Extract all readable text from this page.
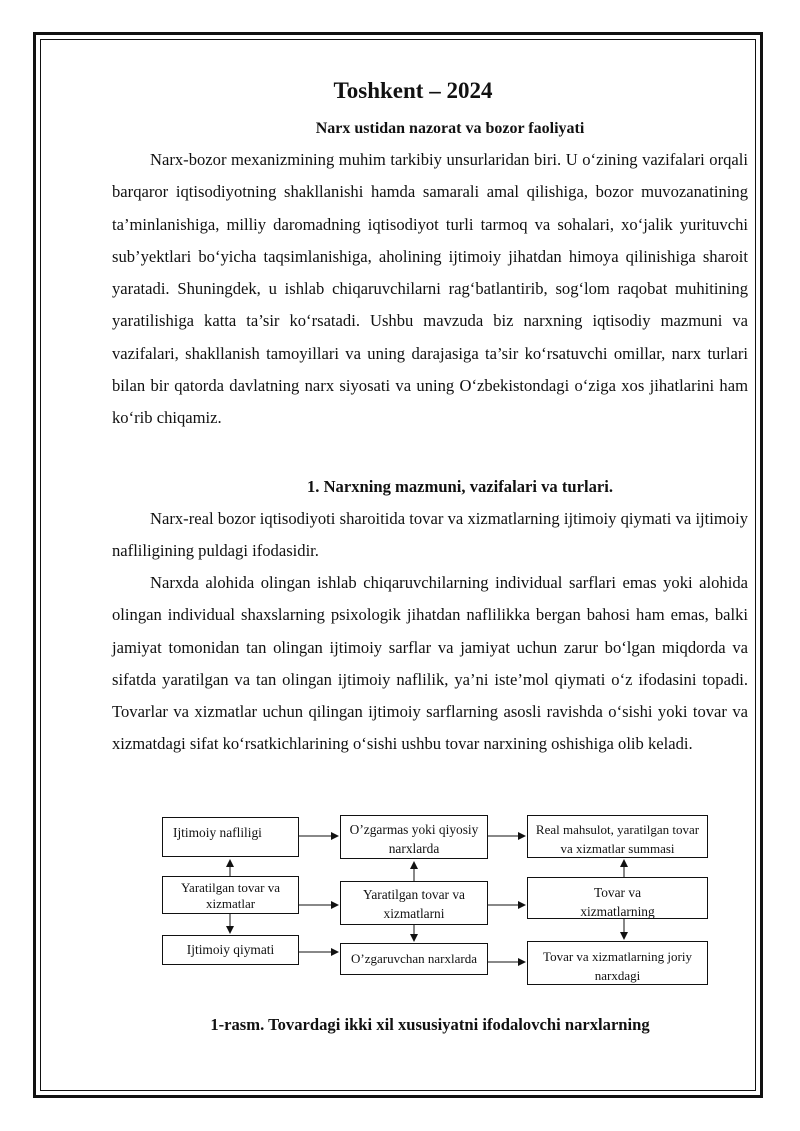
Toshkent – 2024
Narx ustidan nazorat va bozor faoliyati

Narx-bozor mexanizmining muhim tarkibiy unsurlaridan biri. U o‘zining vazifalari orqali barqaror iqtisodiyotning shakllanishi hamda samarali amal qilishiga, bozor muvozanatining ta’minlanishiga, milliy daromadning iqtisodiyot turli tarmoq va sohalari, xo‘jalik yurituvchi sub’yektlari bo‘yicha taqsimlanishiga, aholining ijtimoiy jihatdan himoya qilinishiga sharoit yaratadi. Shuningdek, u ishlab chiqaruvchilarni rag‘batlantirib, sog‘lom raqobat muhitining yaratilishiga katta ta’sir ko‘rsatadi. Ushbu mavzuda biz narxning iqtisodiy mazmuni va vazifalari, shakllanish tamoyillari va uning darajasiga ta’sir ko‘rsatuvchi omillar, narx turlari bilan bir qatorda davlatning narx siyosati va uning O‘zbekistondagi o‘ziga xos jihatlarini ham ko‘rib chiqamiz.

1. Narxning mazmuni, vazifalari va turlari.

Narx-real bozor iqtisodiyoti sharoitida tovar va xizmatlarning ijtimoiy qiymati va ijtimoiy nafliligining puldagi ifodasidir.

Narxda alohida olingan ishlab chiqaruvchilarning individual sarflari emas yoki alohida olingan individual shaxslarning psixologik jihatdan naflilikka bergan bahosi ham emas, balki jamiyat tomonidan tan olingan ijtimoiy sarflar va jamiyat uchun zarur bo‘lgan miqdorda va sifatda yaratilgan va tan olingan ijtimoiy naflilik, ya’ni iste’mol qiymati o‘z ifodasini topadi. Tovarlar va xizmatlar uchun qilingan ijtimoiy sarflarning asosli ravishda o‘sishi yoki tovar va xizmatdagi sifat ko‘rsatkichlarining o‘sishi ushbu tovar narxining oshishiga olib keladi.

Ijtimoiy nafliligi
Yaratilgan tovar va xizmatlar
Ijtimoiy qiymati
O’zgarmas yoki qiyosiy narxlarda
Yaratilgan tovar va xizmatlarni
O’zgaruvchan narxlarda
Real mahsulot, yaratilgan tovar va xizmatlar summasi
Tovar va xizmatlarning
Tovar va xizmatlarning joriy narxdagi
1-rasm. Tovardagi ikki xil xususiyatni ifodalovchi narxlarning
